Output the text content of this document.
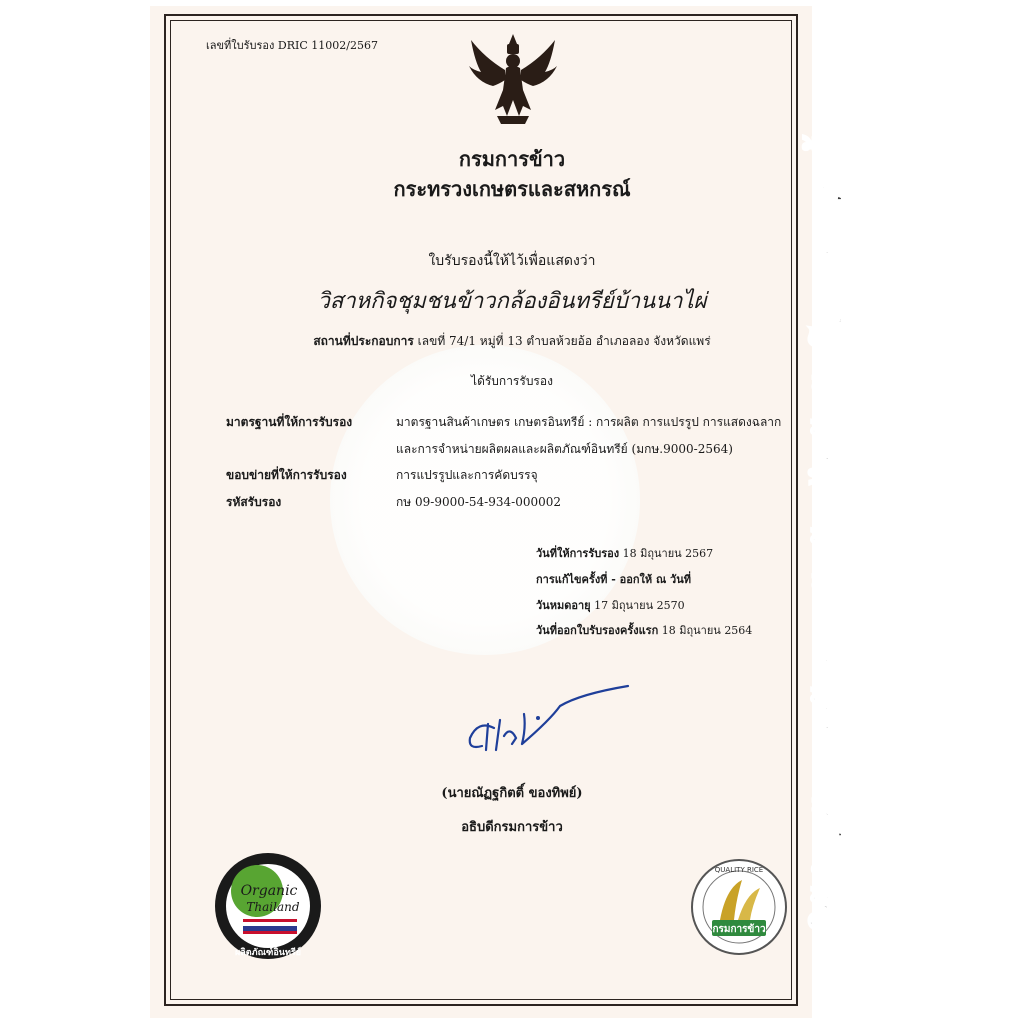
เลขที่ใบรับรอง DRIC 11002/2567
กรมการข้าว
กระทรวงเกษตรและสหกรณ์
ใบรับรองนี้ให้ไว้เพื่อแสดงว่า
วิสาหกิจชุมชนข้าวกล้องอินทรีย์บ้านนาไผ่
สถานที่ประกอบการ เลขที่ 74/1 หมู่ที่ 13 ตำบลห้วยอ้อ อำเภอลอง จังหวัดแพร่
ได้รับการรับรอง
มาตรฐานที่ให้การรับรอง	มาตรฐานสินค้าเกษตร เกษตรอินทรีย์ : การผลิต การแปรรูป การแสดงฉลาก
และการจำหน่ายผลิตผลและผลิตภัณฑ์อินทรีย์ (มกษ.9000-2564)
ขอบข่ายที่ให้การรับรอง	การแปรรูปและการคัดบรรจุ
รหัสรับรอง	กษ 09-9000-54-934-000002
วันที่ให้การรับรอง 18 มิถุนายน 2567
การแก้ไขครั้งที่ - ออกให้ ณ วันที่
วันหมดอายุ 17 มิถุนายน 2570
วันที่ออกใบรับรองครั้งแรก 18 มิถุนายน 2564
(นายณัฏฐกิตติ์ ของทิพย์)
อธิบดีกรมการข้าว
Organic
Thailand
ผลิตภัณฑ์อินทรีย์
QUALITY RICE
กรมการข้าว
ใช้สำหรับการข้อขายกับบ้านไร่ต้นฝันโดยตรงเท่านั้น
